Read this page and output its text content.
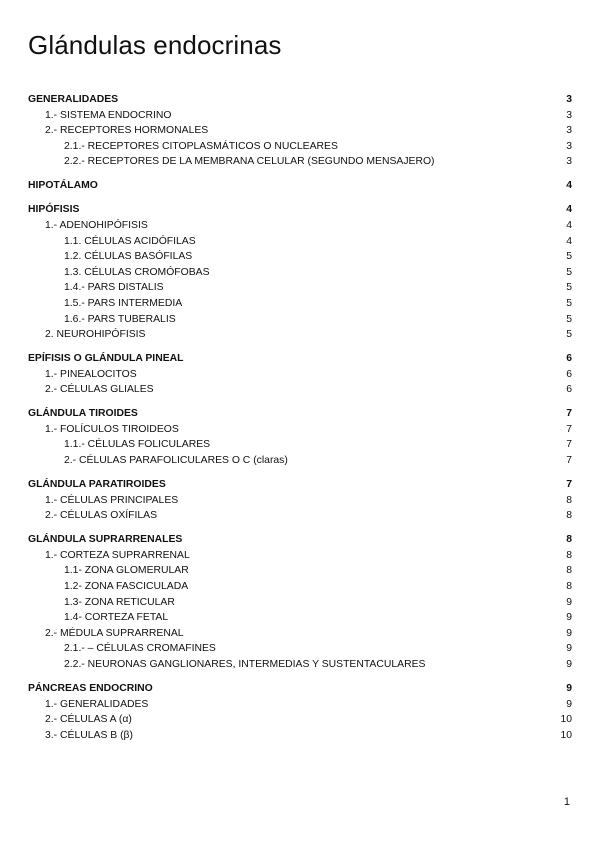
Glándulas endocrinas
GENERALIDADES	3
1.- SISTEMA ENDOCRINO	3
2.- RECEPTORES HORMONALES	3
2.1.- RECEPTORES CITOPLASMÁTICOS O NUCLEARES	3
2.2.- RECEPTORES DE LA MEMBRANA CELULAR (SEGUNDO MENSAJERO)	3
HIPOTÁLAMO	4
HIPÓFISIS	4
1.- ADENOHIPÓFISIS	4
1.1. CÉLULAS ACIDÓFILAS	4
1.2. CÉLULAS BASÓFILAS	5
1.3. CÉLULAS CROMÓFOBAS	5
1.4.- PARS DISTALIS	5
1.5.- PARS INTERMEDIA	5
1.6.- PARS TUBERALIS	5
2. NEUROHIPÓFISIS	5
EPÍFISIS O GLÁNDULA PINEAL	6
1.- PINEALOCITOS	6
2.- CÉLULAS GLIALES	6
GLÁNDULA TIROIDES	7
1.- FOLÍCULOS TIROIDEOS	7
1.1.- CÉLULAS FOLICULARES	7
2.- CÉLULAS PARAFOLICULARES O C (claras)	7
GLÁNDULA PARATIROIDES	7
1.- CÉLULAS PRINCIPALES	8
2.- CÉLULAS OXÍFILAS	8
GLÁNDULA SUPRARRENALES	8
1.- CORTEZA SUPRARRENAL	8
1.1- ZONA GLOMERULAR	8
1.2- ZONA FASCICULADA	8
1.3- ZONA RETICULAR	9
1.4- CORTEZA FETAL	9
2.- MÉDULA SUPRARRENAL	9
2.1.- – CÉLULAS CROMAFINES	9
2.2.- NEURONAS GANGLIONARES, INTERMEDIAS Y SUSTENTACULARES	9
PÁNCREAS ENDOCRINO	9
1.- GENERALIDADES	9
2.- CÉLULAS A (α)	10
3.- CÉLULAS B (β)	10
1
